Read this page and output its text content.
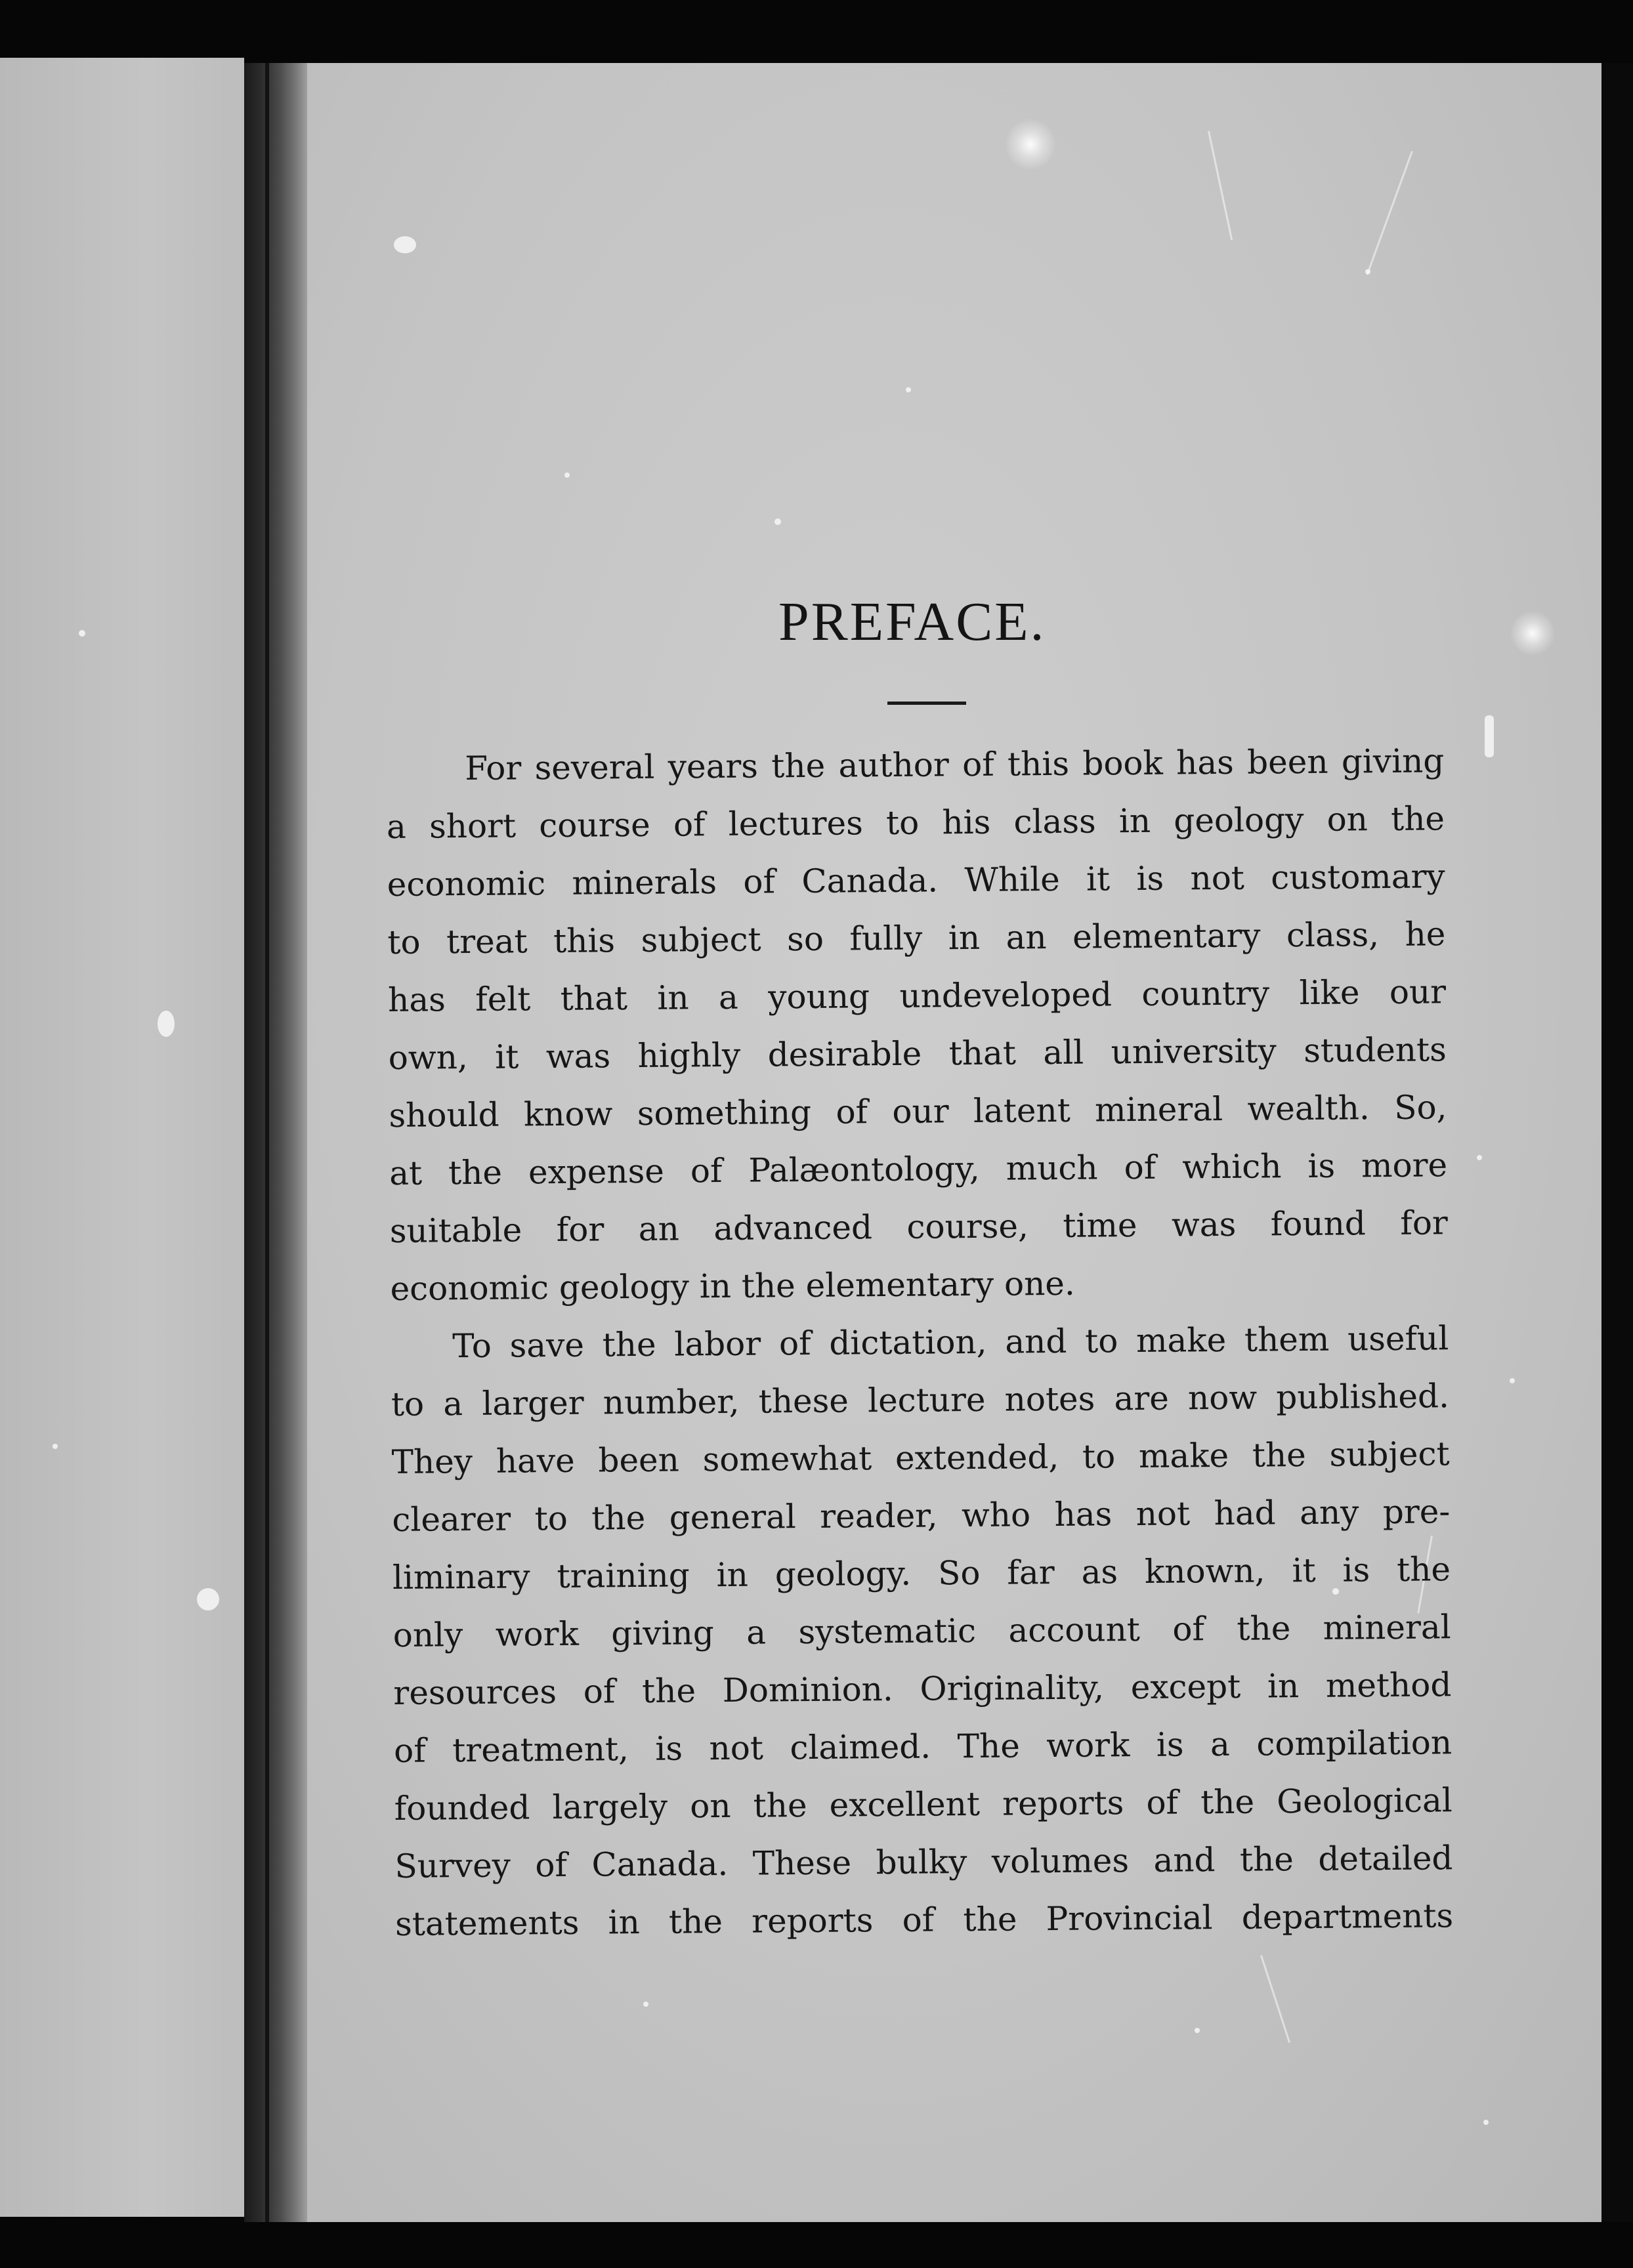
PREFACE.
For several years the author of this book has been giving
a short course of lectures to his class in geology on the
economic minerals of Canada. While it is not customary
to treat this subject so fully in an elementary class, he
has felt that in a young undeveloped country like our
own, it was highly desirable that all university students
should know something of our latent mineral wealth. So,
at the expense of Palæontology, much of which is more
suitable for an advanced course, time was found for
economic geology in the elementary one.
To save the labor of dictation, and to make them useful
to a larger number, these lecture notes are now published.
They have been somewhat extended, to make the subject
clearer to the general reader, who has not had any pre-
liminary training in geology. So far as known, it is the
only work giving a systematic account of the mineral
resources of the Dominion. Originality, except in method
of treatment, is not claimed. The work is a compilation
founded largely on the excellent reports of the Geological
Survey of Canada. These bulky volumes and the detailed
statements in the reports of the Provincial departments
